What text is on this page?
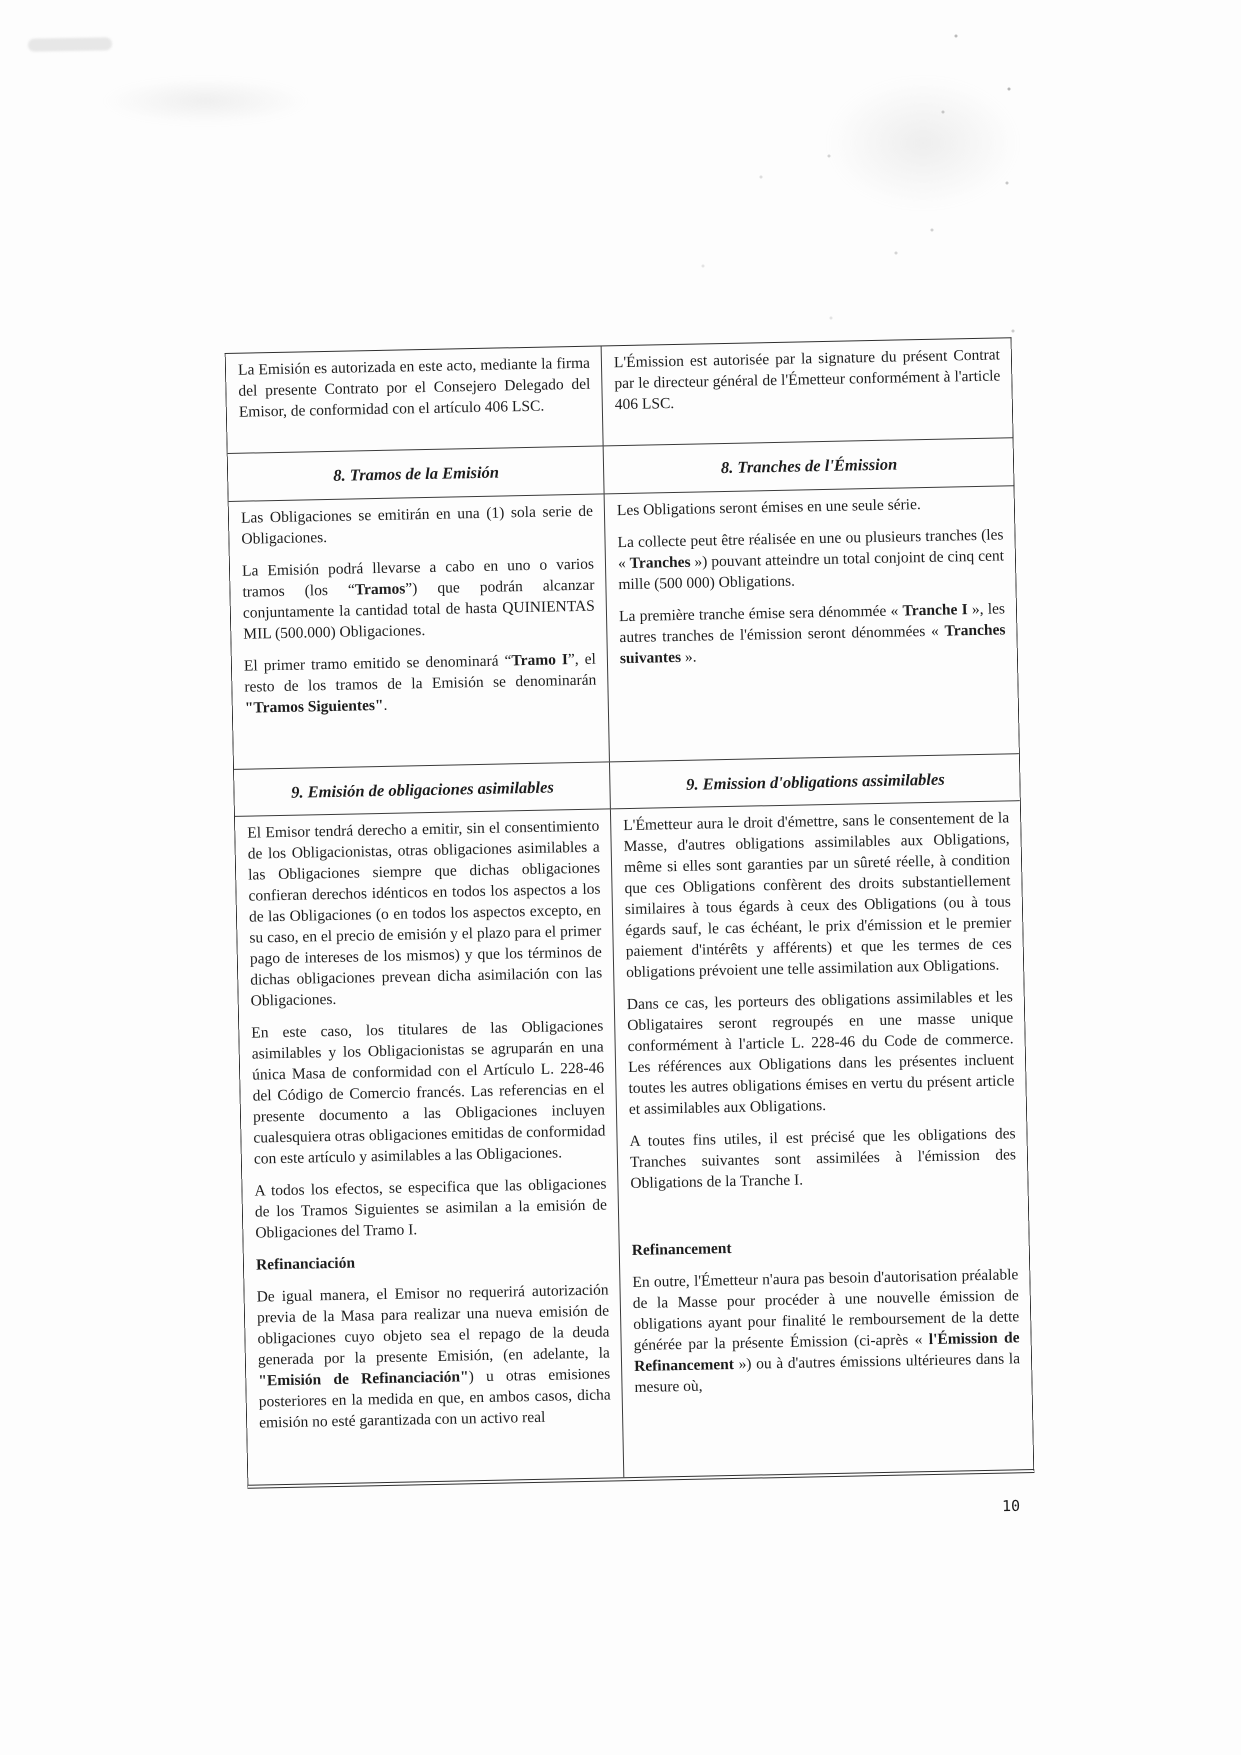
La Emisión es autorizada en este acto, mediante la firma del presente Contrato por el Consejero Delegado del Emisor, de conformidad con el artículo 406 LSC.

L'Émission est autorisée par la signature du présent Contrat par le directeur général de l'Émetteur conformément à l'article 406 LSC.

8. Tramos de la Emisión	8. Tranches de l'Émission

Las Obligaciones se emitirán en una (1) sola serie de Obligaciones.

La Emisión podrá llevarse a cabo en uno o varios tramos (los “Tramos”) que podrán alcanzar conjuntamente la cantidad total de hasta QUINIENTAS MIL (500.000) Obligaciones.

El primer tramo emitido se denominará “Tramo I”, el resto de los tramos de la Emisión se denominarán "Tramos Siguientes".

Les Obligations seront émises en une seule série.

La collecte peut être réalisée en une ou plusieurs tranches (les « Tranches ») pouvant atteindre un total conjoint de cinq cent mille (500 000) Obligations.

La première tranche émise sera dénommée « Tranche I », les autres tranches de l'émission seront dénommées « Tranches suivantes ».

9. Emisión de obligaciones asimilables	9. Emission d'obligations assimilables

El Emisor tendrá derecho a emitir, sin el consentimiento de los Obligacionistas, otras obligaciones asimilables a las Obligaciones siempre que dichas obligaciones confieran derechos idénticos en todos los aspectos a los de las Obligaciones (o en todos los aspectos excepto, en su caso, en el precio de emisión y el plazo para el primer pago de intereses de los mismos) y que los términos de dichas obligaciones prevean dicha asimilación con las Obligaciones.

En este caso, los titulares de las Obligaciones asimilables y los Obligacionistas se agruparán en una única Masa de conformidad con el Artículo L. 228-46 del Código de Comercio francés. Las referencias en el presente documento a las Obligaciones incluyen cualesquiera otras obligaciones emitidas de conformidad con este artículo y asimilables a las Obligaciones.

A todos los efectos, se especifica que las obligaciones de los Tramos Siguientes se asimilan a la emisión de Obligaciones del Tramo I.

Refinanciación

De igual manera, el Emisor no requerirá autorización previa de la Masa para realizar una nueva emisión de obligaciones cuyo objeto sea el repago de la deuda generada por la presente Emisión, (en adelante, la "Emisión de Refinanciación") u otras emisiones posteriores en la medida en que, en ambos casos, dicha emisión no esté garantizada con un activo real

L'Émetteur aura le droit d'émettre, sans le consentement de la Masse, d'autres obligations assimilables aux Obligations, même si elles sont garanties par un sûreté réelle, à condition que ces Obligations confèrent des droits substantiellement similaires à tous égards à ceux des Obligations (ou à tous égards sauf, le cas échéant, le prix d'émission et le premier paiement d'intérêts y afférents) et que les termes de ces obligations prévoient une telle assimilation aux Obligations.

Dans ce cas, les porteurs des obligations assimilables et les Obligataires seront regroupés en une masse unique conformément à l'article L. 228-46 du Code de commerce. Les références aux Obligations dans les présentes incluent toutes les autres obligations émises en vertu du présent article et assimilables aux Obligations.

A toutes fins utiles, il est précisé que les obligations des Tranches suivantes sont assimilées à l'émission des Obligations de la Tranche I.

Refinancement

En outre, l'Émetteur n'aura pas besoin d'autorisation préalable de la Masse pour procéder à une nouvelle émission de obligations ayant pour finalité le remboursement de la dette générée par la présente Émission (ci-après « l'Émission de Refinancement ») ou à d'autres émissions ultérieures dans la mesure où,

10
